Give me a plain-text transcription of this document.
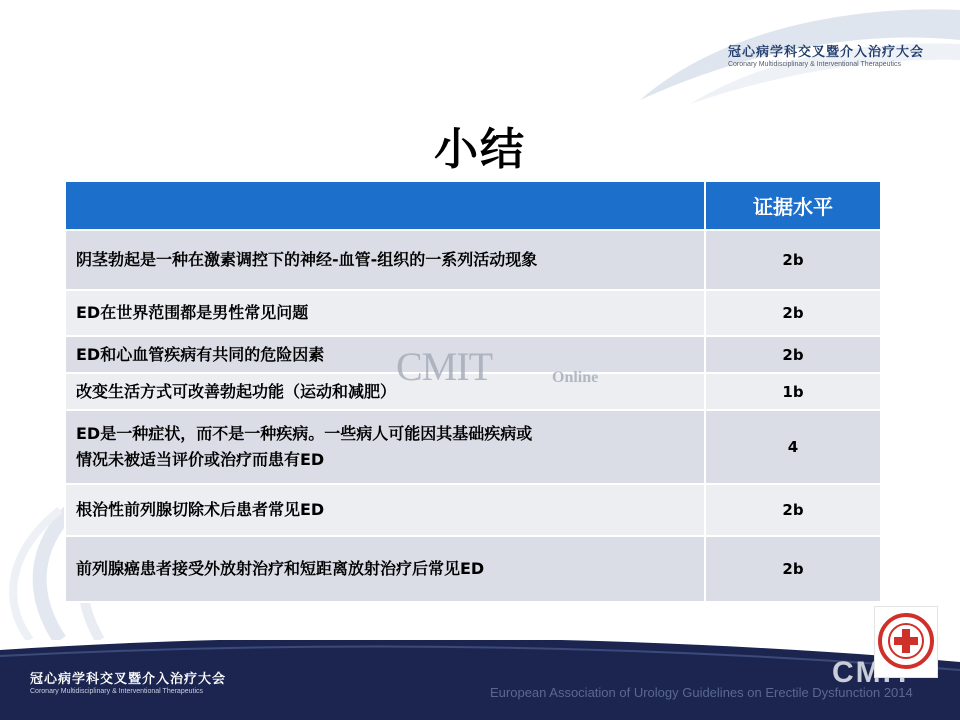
冠心病学科交叉暨介入治疗大会
Coronary Multidisciplinary & Interventional Therapeutics
小结
	证据水平
阴茎勃起是一种在激素调控下的神经-血管-组织的一系列活动现象	2b
ED在世界范围都是男性常见问题	2b
ED和心血管疾病有共同的危险因素	2b
改变生活方式可改善勃起功能（运动和减肥）	1b

ED是一种症状，而不是一种疾病。一些病人可能因其基础疾病或
情况未被适当评价或治疗而患有ED	4
根治性前列腺切除术后患者常见ED	2b
前列腺癌患者接受外放射治疗和短距离放射治疗后常见ED	2b
CMIT	Online
冠心病学科交叉暨介入治疗大会
Coronary Multidisciplinary & Interventional Therapeutics
CMIT
European Association of Urology Guidelines on Erectile Dysfunction 2014
